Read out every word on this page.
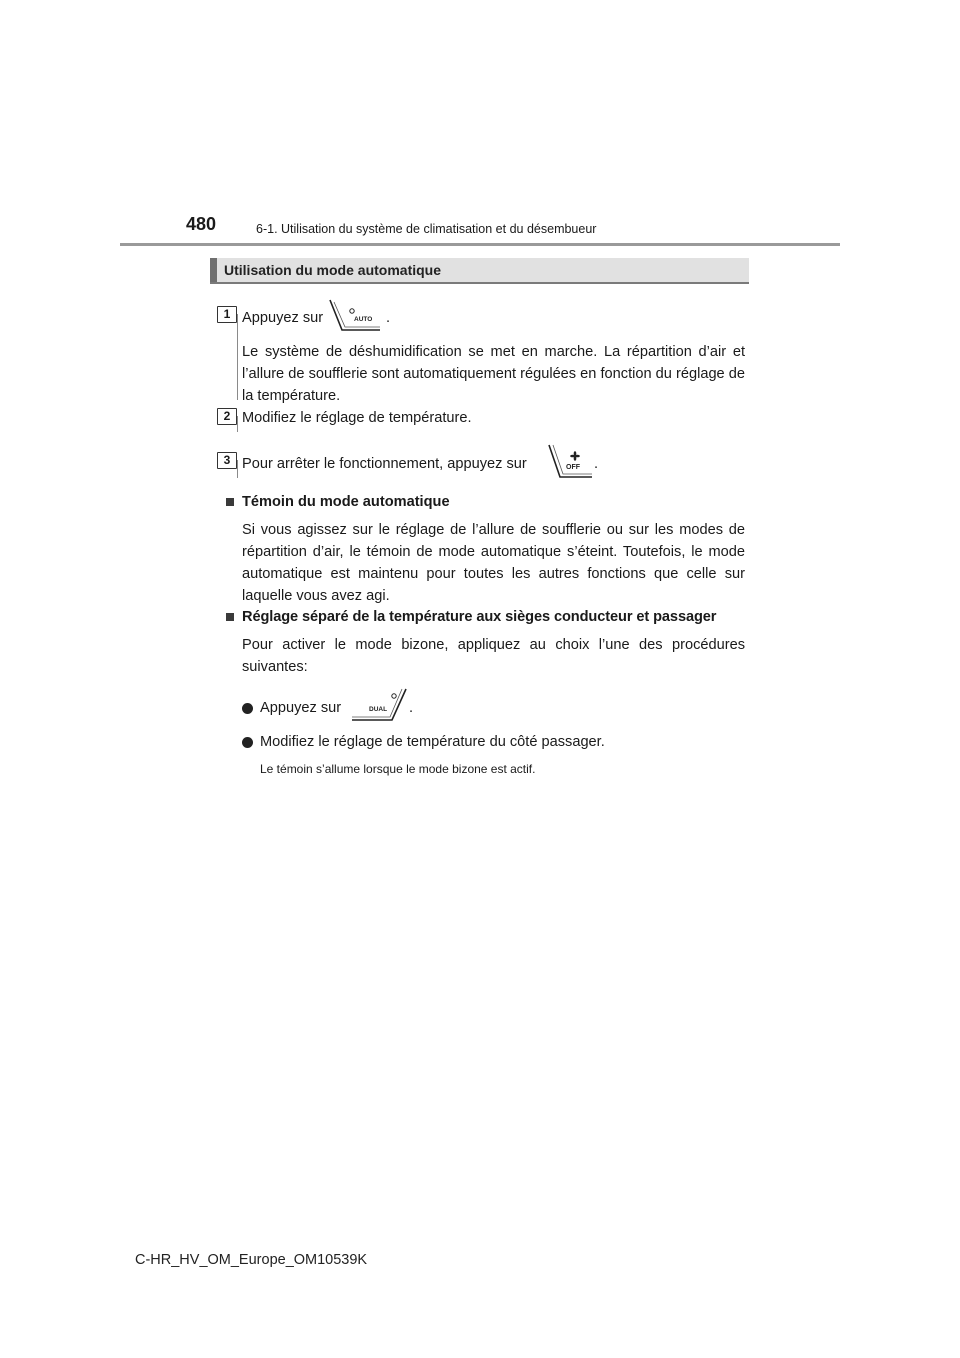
480	6-1. Utilisation du système de climatisation et du désembueur
Utilisation du mode automatique
1 Appuyez sur	AUTO .
Le système de déshumidification se met en marche. La répartition d’air et l’allure de soufflerie sont automatiquement régulées en fonction du réglage de la température.
2 Modifiez le réglage de température.
3 Pour arrêter le fonctionnement, appuyez sur	OFF .
Témoin du mode automatique
Si vous agissez sur le réglage de l’allure de soufflerie ou sur les modes de répartition d’air, le témoin de mode automatique s’éteint. Toutefois, le mode automatique est maintenu pour toutes les autres fonctions que celle sur laquelle vous avez agi.
Réglage séparé de la température aux sièges conducteur et passager
Pour activer le mode bizone, appliquez au choix l’une des procédures suivantes:
Appuyez sur	DUAL .
Modifiez le réglage de température du côté passager.
Le témoin s’allume lorsque le mode bizone est actif.
C-HR_HV_OM_Europe_OM10539K
